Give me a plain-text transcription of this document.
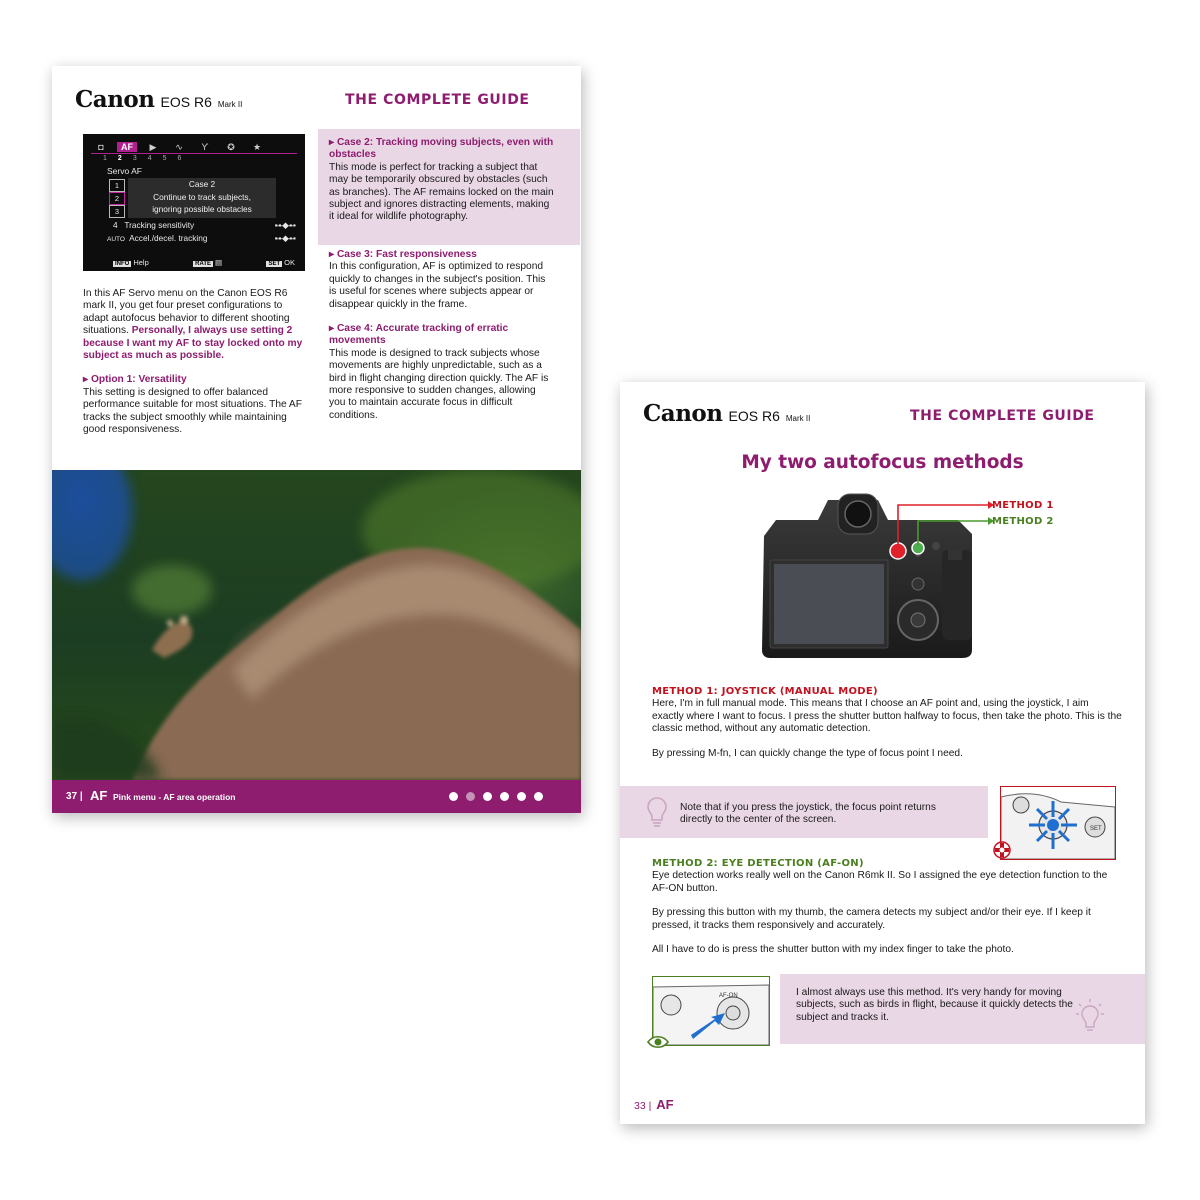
Canon EOS R6 Mark II	THE COMPLETE GUIDE
◘	AF	▶	∿	ϒ	✪	★
1 2 3 4 5 6
Servo AF
1
2
3
Case 2
Continue to track subjects,
ignoring possible obstacles
4 Tracking sensitivity	▪-▪-◆-▪-▪
AUTO Accel./decel. tracking	▪-▪-◆-▪-▪
INFO Help	RATE ▤	SET OK

In this AF Servo menu on the Canon EOS R6 mark II, you get four preset configurations to adapt autofocus behavior to different shooting situations. Personally, I always use setting 2 because I want my AF to stay locked onto my subject as much as possible.

▸ Option 1: Versatility

This setting is designed to offer balanced performance suitable for most situations. The AF tracks the subject smoothly while maintaining good responsiveness.

▸ Case 2: Tracking moving subjects, even with obstacles

This mode is perfect for tracking a subject that may be temporarily obscured by obstacles (such as branches). The AF remains locked on the main subject and ignores distracting elements, making it ideal for wildlife photography.

▸ Case 3: Fast responsiveness

In this configuration, AF is optimized to respond quickly to changes in the subject's position. This is useful for scenes where subjects appear or disappear quickly in the frame.

▸ Case 4: Accurate tracking of erratic movements

This mode is designed to track subjects whose movements are highly unpredictable, such as a bird in flight changing direction quickly. The AF is more responsive to sudden changes, allowing you to maintain accurate focus in difficult conditions.

37 | AF Pink menu - AF area operation
Canon EOS R6 Mark II	THE COMPLETE GUIDE
My two autofocus methods
METHOD 1
METHOD 2

METHOD 1: JOYSTICK (MANUAL MODE)

Here, I'm in full manual mode. This means that I choose an AF point and, using the joystick, I aim exactly where I want to focus. I press the shutter button halfway to focus, then take the photo. This is the classic method, without any automatic detection.

By pressing M-fn, I can quickly change the type of focus point I need.

Note that if you press the joystick, the focus point returns directly to the center of the screen.
SET

METHOD 2: EYE DETECTION (AF-ON)

Eye detection works really well on the Canon R6mk II. So I assigned the eye detection function to the AF-ON button.

By pressing this button with my thumb, the camera detects my subject and/or their eye. If I keep it pressed, it tracks them responsively and accurately.

All I have to do is press the shutter button with my index finger to take the photo.

AF-ON	I almost always use this method. It's very handy for moving subjects, such as birds in flight, because it quickly detects the subject and tracks it.
33 | AF
